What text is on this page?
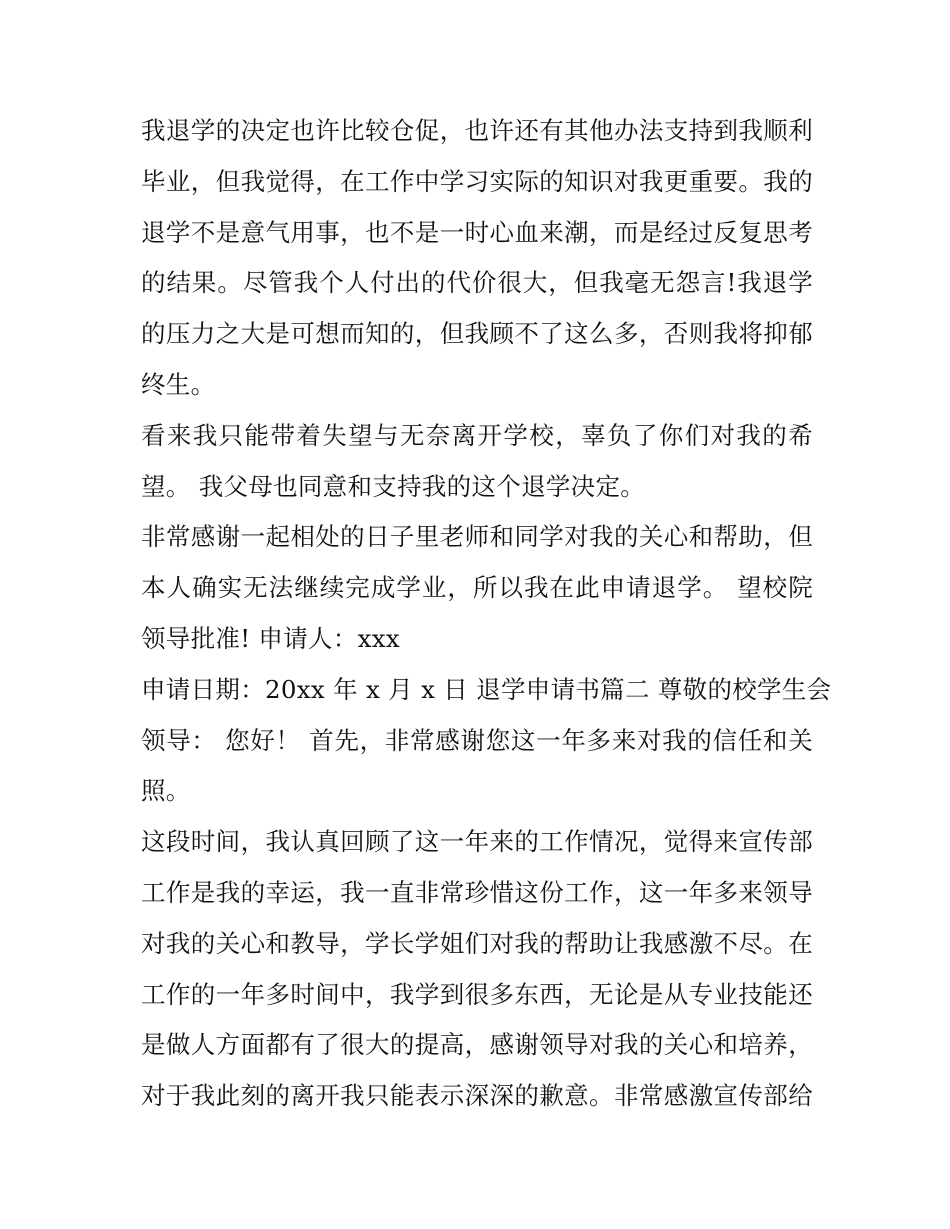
我退学的决定也许比较仓促，也许还有其他办法支持到我顺利
毕业，但我觉得，在工作中学习实际的知识对我更重要。我的
退学不是意气用事，也不是一时心血来潮，而是经过反复思考
的结果。尽管我个人付出的代价很大，但我毫无怨言!我退学
的压力之大是可想而知的，但我顾不了这么多，否则我将抑郁
终生。
看来我只能带着失望与无奈离开学校，辜负了你们对我的希
望。 我父母也同意和支持我的这个退学决定。
非常感谢一起相处的日子里老师和同学对我的关心和帮助，但
本人确实无法继续完成学业，所以我在此申请退学。 望校院
领导批准! 申请人：xxx
申请日期：20xx 年 x 月 x 日 退学申请书篇二 尊敬的校学生会
领导： 您好！ 首先，非常感谢您这一年多来对我的信任和关
照。
这段时间，我认真回顾了这一年来的工作情况，觉得来宣传部
工作是我的幸运，我一直非常珍惜这份工作，这一年多来领导
对我的关心和教导，学长学姐们对我的帮助让我感激不尽。在
工作的一年多时间中，我学到很多东西，无论是从专业技能还
是做人方面都有了很大的提高，感谢领导对我的关心和培养，
对于我此刻的离开我只能表示深深的歉意。非常感激宣传部给
